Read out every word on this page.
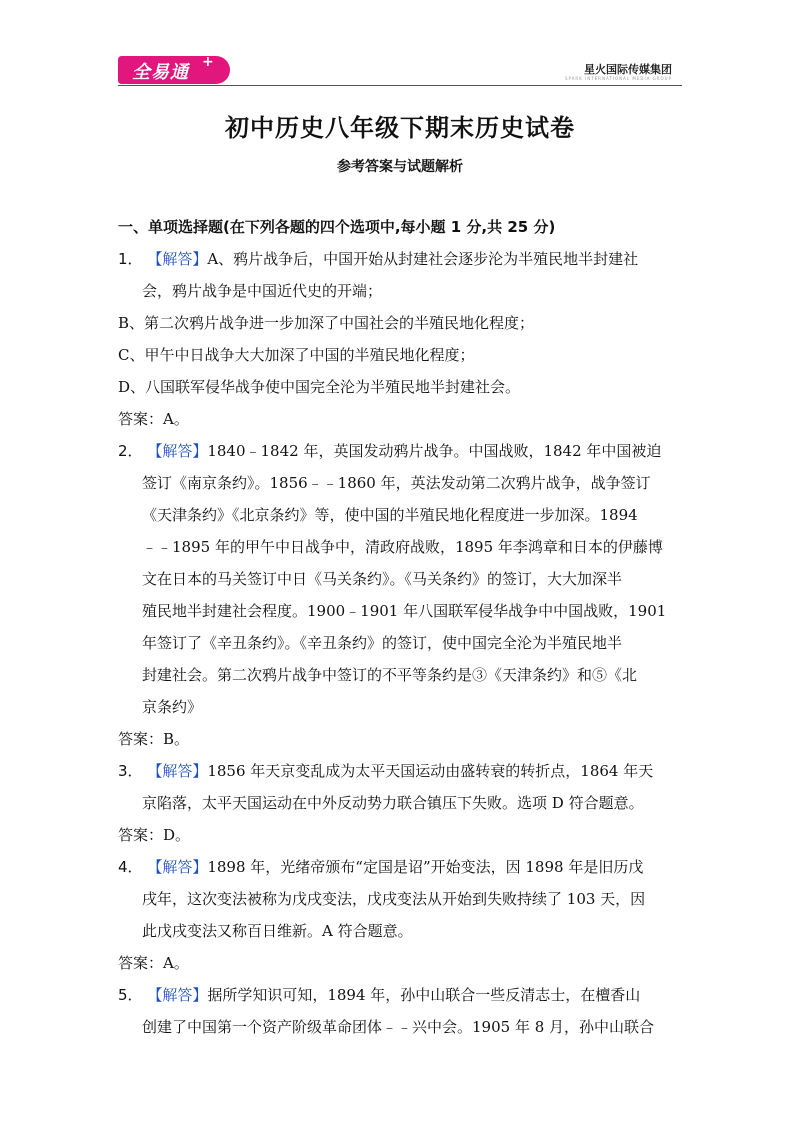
全易通 +	星火国际传媒集团
SPARK INTERNATIONAL MEDIA GROUP
初中历史八年级下期末历史试卷
参考答案与试题解析
一、单项选择题(在下列各题的四个选项中,每小题 1 分,共 25 分)
1． 【解答】A、鸦片战争后，中国开始从封建社会逐步沦为半殖民地半封建社
会，鸦片战争是中国近代史的开端；
B、第二次鸦片战争进一步加深了中国社会的半殖民地化程度；
C、甲午中日战争大大加深了中国的半殖民地化程度；
D、八国联军侵华战争使中国完全沦为半殖民地半封建社会。
答案：A。
2． 【解答】1840﹣1842 年，英国发动鸦片战争。中国战败，1842 年中国被迫
签订《南京条约》。1856﹣﹣1860 年，英法发动第二次鸦片战争，战争签订
《天津条约》《北京条约》等，使中国的半殖民地化程度进一步加深。1894
﹣﹣1895 年的甲午中日战争中，清政府战败，1895 年李鸿章和日本的伊藤博
文在日本的马关签订中日《马关条约》。《马关条约》的签订，大大加深半
殖民地半封建社会程度。1900﹣1901 年八国联军侵华战争中中国战败，1901
年签订了《辛丑条约》。《辛丑条约》的签订，使中国完全沦为半殖民地半
封建社会。第二次鸦片战争中签订的不平等条约是③《天津条约》和⑤《北
京条约》
答案：B。
3． 【解答】1856 年天京变乱成为太平天国运动由盛转衰的转折点，1864 年天
京陷落，太平天国运动在中外反动势力联合镇压下失败。选项 D 符合题意。
答案：D。
4． 【解答】1898 年，光绪帝颁布“定国是诏”开始变法，因 1898 年是旧历戊
戌年，这次变法被称为戊戌变法，戊戌变法从开始到失败持续了 103 天，因
此戊戌变法又称百日维新。A 符合题意。
答案：A。
5． 【解答】据所学知识可知，1894 年，孙中山联合一些反清志士，在檀香山
创建了中国第一个资产阶级革命团体﹣﹣兴中会。1905 年 8 月，孙中山联合
